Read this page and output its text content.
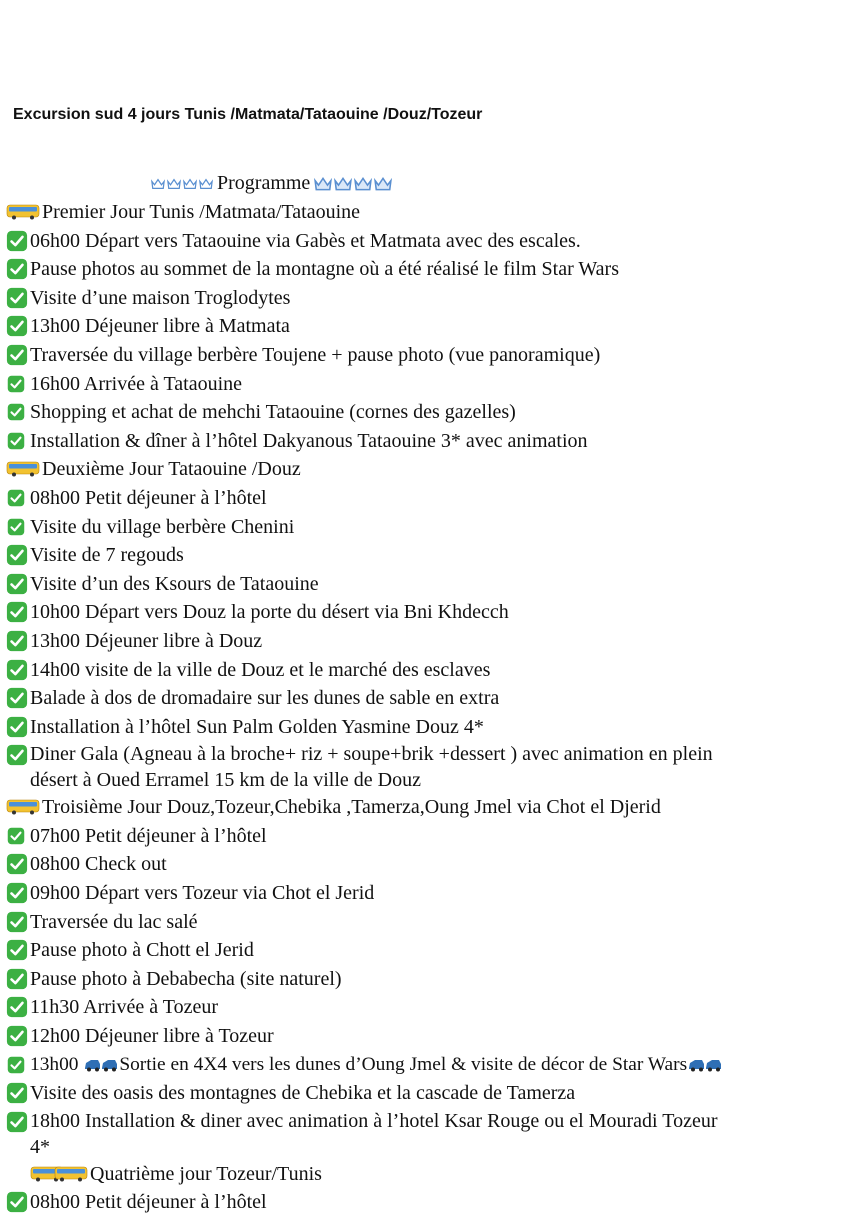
Excursion sud 4 jours Tunis /Matmata/Tataouine /Douz/Tozeur
Programme
Premier Jour Tunis /Matmata/Tataouine
06h00 Départ vers Tataouine via Gabès et Matmata avec des escales.
Pause photos au sommet de la montagne où a été réalisé le film Star Wars
Visite d’une maison Troglodytes
13h00 Déjeuner libre à Matmata
Traversée du village berbère Toujene + pause photo (vue panoramique)
16h00 Arrivée à Tataouine
Shopping et achat de mehchi Tataouine (cornes des gazelles)
Installation & dîner à l’hôtel Dakyanous Tataouine 3* avec animation
Deuxième Jour Tataouine /Douz
08h00 Petit déjeuner à l’hôtel
Visite du village berbère Chenini
Visite de 7 regouds
Visite d’un des Ksours de Tataouine
10h00 Départ vers Douz la porte du désert via Bni Khdecch
13h00 Déjeuner libre à Douz
14h00 visite de la ville de Douz et le marché des esclaves
Balade à dos de dromadaire sur les dunes de sable en extra
Installation à l’hôtel Sun Palm Golden Yasmine Douz 4*
Diner Gala (Agneau à la broche+ riz + soupe+brik +dessert ) avec animation en plein
désert à Oued Erramel 15 km de la ville de Douz
Troisième Jour Douz,Tozeur,Chebika ,Tamerza,Oung Jmel via Chot el Djerid
07h00 Petit déjeuner à l’hôtel
08h00 Check out
09h00 Départ vers Tozeur via Chot el Jerid
Traversée du lac salé
Pause photo à Chott el Jerid
Pause photo à Debabecha (site naturel)
11h30 Arrivée à Tozeur
12h00 Déjeuner libre à Tozeur
13h00 Sortie en 4X4 vers les dunes d’Oung Jmel & visite de décor de Star Wars
Visite des oasis des montagnes de Chebika et la cascade de Tamerza
18h00 Installation & diner avec animation à l’hotel Ksar Rouge ou el Mouradi Tozeur
4*
Quatrième jour Tozeur/Tunis
08h00 Petit déjeuner à l’hôtel
